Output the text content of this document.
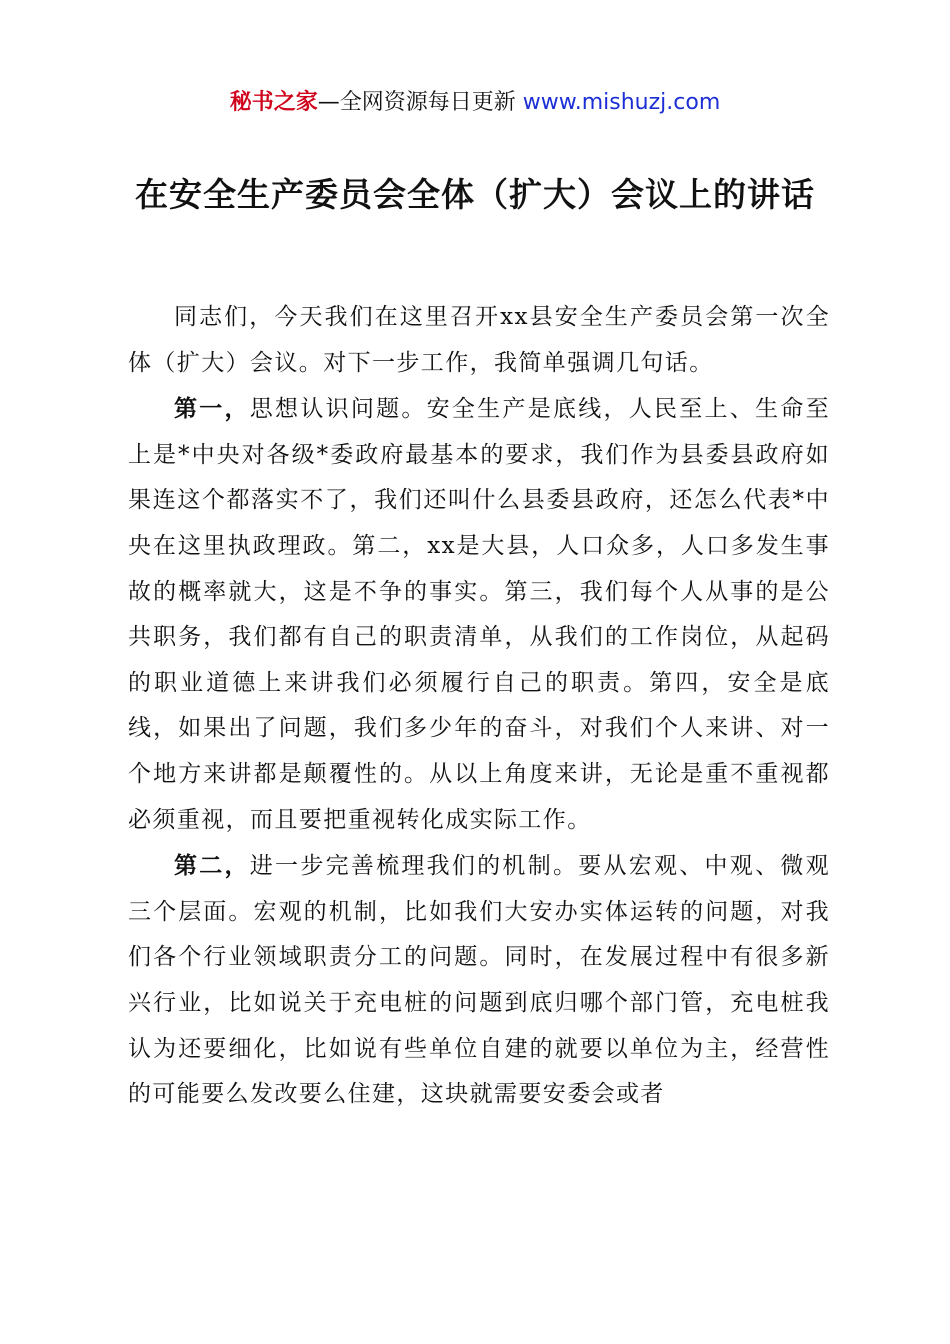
秘书之家—全网资源每日更新 www.mishuzj.com
在安全生产委员会全体（扩大）会议上的讲话

同志们，今天我们在这里召开xx县安全生产委员会第一次全体（扩大）会议。对下一步工作，我简单强调几句话。

第一，思想认识问题。安全生产是底线，人民至上、生命至上是*中央对各级*委政府最基本的要求，我们作为县委县政府如果连这个都落实不了，我们还叫什么县委县政府，还怎么代表*中央在这里执政理政。第二，xx是大县，人口众多，人口多发生事故的概率就大，这是不争的事实。第三，我们每个人从事的是公共职务，我们都有自己的职责清单，从我们的工作岗位，从起码的职业道德上来讲我们必须履行自己的职责。第四，安全是底线，如果出了问题，我们多少年的奋斗，对我们个人来讲、对一个地方来讲都是颠覆性的。从以上角度来讲，无论是重不重视都必须重视，而且要把重视转化成实际工作。

第二，进一步完善梳理我们的机制。要从宏观、中观、微观三个层面。宏观的机制，比如我们大安办实体运转的问题，对我们各个行业领域职责分工的问题。同时，在发展过程中有很多新兴行业，比如说关于充电桩的问题到底归哪个部门管，充电桩我认为还要细化，比如说有些单位自建的就要以单位为主，经营性的可能要么发改要么住建，这块就需要安委会或者
